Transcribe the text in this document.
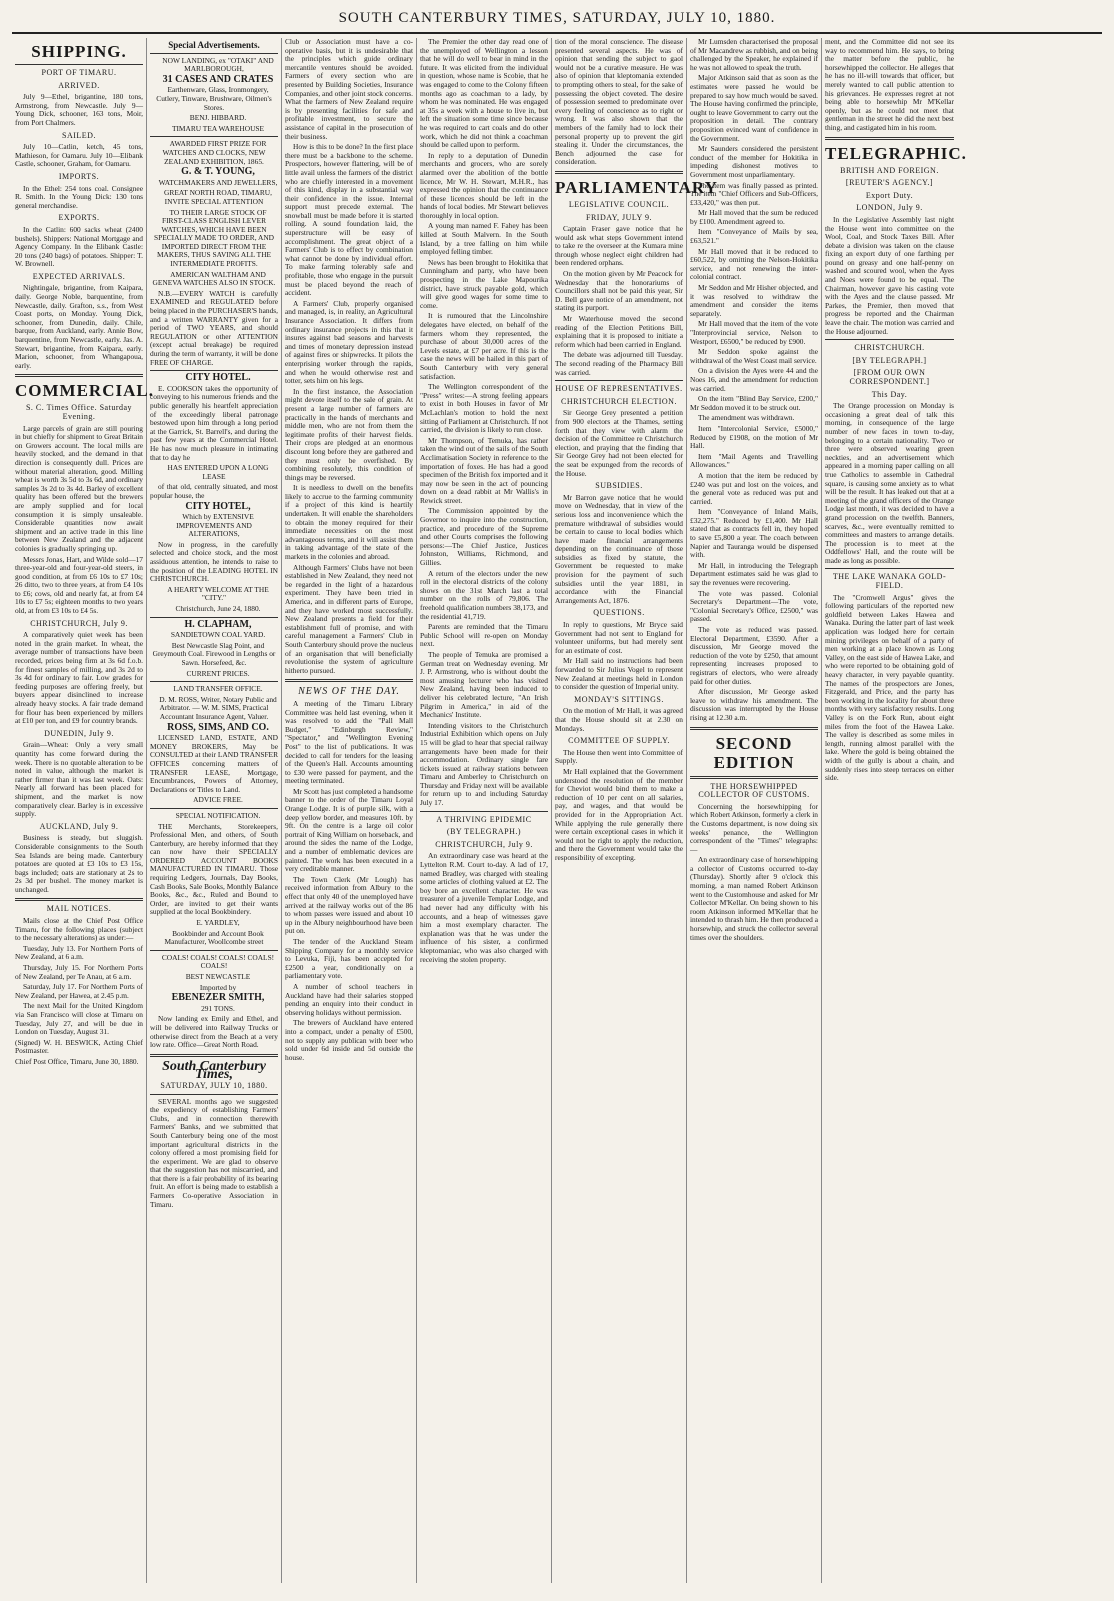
SOUTH CANTERBURY TIMES, SATURDAY, JULY 10, 1880.
SHIPPING.
PORT OF TIMARU.
ARRIVED.

July 9—Ethel, brigantine, 180 tons, Armstrong, from Newcastle. July 9—Young Dick, schooner, 163 tons, Moir, from Port Chalmers.

SAILED.

July 10—Catlin, ketch, 45 tons, Mathieson, for Oamaru. July 10—Elibank Castle, schooner, Graham, for Oamaru.

IMPORTS.

In the Ethel: 254 tons coal. Consignee R. Smith. In the Young Dick: 130 tons general merchandise.

EXPORTS.

In the Catlin: 600 sacks wheat (2400 bushels). Shippers: National Mortgage and Agency Company. In the Elibank Castle: 20 tons (240 bags) of potatoes. Shipper: T. W. Brownell.

EXPECTED ARRIVALS.

Nightingale, brigantine, from Kaipara, daily. George Noble, barquentine, from Newcastle, daily. Grafton, s.s., from West Coast ports, on Monday. Young Dick, schooner, from Dunedin, daily. Chile, barque, from Auckland, early. Annie Bow, barquentine, from Newcastle, early. Jas. A. Stewart, brigantine, from Kaipara, early. Marion, schooner, from Whangapoua, early.

COMMERCIAL.
S. C. Times Office. Saturday Evening.

Large parcels of grain are still pouring in but chiefly for shipment to Great Britain on Growers account. The local mills are heavily stocked, and the demand in that direction is consequently dull. Prices are without material alteration, good. Milling wheat is worth 3s 5d to 3s 6d, and ordinary samples 3s 2d to 3s 4d. Barley of excellent quality has been offered but the brewers are amply supplied and for local consumption it is simply unsaleable. Considerable quantities now await shipment and an active trade in this line between New Zealand and the adjacent colonies is gradually springing up.

Messrs Jonas, Hart, and Wilde sold—17 three-year-old and four-year-old steers, in good condition, at from £6 10s to £7 10s; 26 ditto, two to three years, at from £4 10s to £6; cows, old and nearly fat, at from £4 10s to £7 5s; eighteen months to two years old, at from £3 10s to £4 5s.

CHRISTCHURCH, July 9.

A comparatively quiet week has been noted in the grain market. In wheat, the average number of transactions have been recorded, prices being firm at 3s 6d f.o.b. for finest samples of milling, and 3s 2d to 3s 4d for ordinary to fair. Low grades for feeding purposes are offering freely, but buyers appear disinclined to increase already heavy stocks. A fair trade demand for flour has been experienced by millers at £10 per ton, and £9 for country brands.

DUNEDIN, July 9.

Grain—Wheat: Only a very small quantity has come forward during the week. There is no quotable alteration to be noted in value, although the market is rather firmer than it was last week. Oats: Nearly all forward has been placed for shipment, and the market is now comparatively clear. Barley is in excessive supply.

AUCKLAND, July 9.

Business is steady, but sluggish. Considerable consignments to the South Sea Islands are being made. Canterbury potatoes are quoted at £3 10s to £3 15s, bags included; oats are stationary at 2s to 2s 3d per bushel. The money market is unchanged.

MAIL NOTICES.

Mails close at the Chief Post Office Timaru, for the following places (subject to the necessary alterations) as under:—

Tuesday, July 13. For Northern Ports of New Zealand, at 6 a.m.

Thursday, July 15. For Northern Ports of New Zealand, per Te Anau, at 6 a.m.

Saturday, July 17. For Northern Ports of New Zealand, per Hawea, at 2.45 p.m.

The next Mail for the United Kingdom via San Francisco will close at Timaru on Tuesday, July 27, and will be due in London on Tuesday, August 31.

(Signed) W. H. BESWICK, Acting Chief Postmaster.

Chief Post Office, Timaru, June 30, 1880.

Special Advertisements.

NOW LANDING, ex "OTAKI" AND MARLBOROUGH,

31 CASES AND CRATES

Earthenware, Glass, Ironmongery, Cutlery, Tinware, Brushware, Oilmen's Stores.

BENJ. HIBBARD.

TIMARU TEA WAREHOUSE

AWARDED FIRST PRIZE FOR WATCHES AND CLOCKS, NEW ZEALAND EXHIBITION, 1865.

G. & T. YOUNG,

WATCHMAKERS AND JEWELLERS,

GREAT NORTH ROAD, TIMARU, INVITE SPECIAL ATTENTION

TO THEIR LARGE STOCK OF FIRST-CLASS ENGLISH LEVER WATCHES, WHICH HAVE BEEN SPECIALLY MADE TO ORDER, AND IMPORTED DIRECT FROM THE MAKERS, THUS SAVING ALL THE INTERMEDIATE PROFITS.

AMERICAN WALTHAM AND GENEVA WATCHES ALSO IN STOCK.

N.B.—EVERY WATCH is carefully EXAMINED and REGULATED before being placed in the PURCHASER'S hands, and a written WARRANTY given for a period of TWO YEARS, and should REGULATION or other ATTENTION (except actual breakage) be required during the term of warranty, it will be done FREE OF CHARGE.

CITY HOTEL.

E. COOKSON takes the opportunity of conveying to his numerous friends and the public generally his heartfelt appreciation of the exceedingly liberal patronage bestowed upon him through a long period at the Garrick, St. Barrell's, and during the past few years at the Commercial Hotel. He has now much pleasure in intimating that to day he

HAS ENTERED UPON A LONG LEASE

of that old, centrally situated, and most popular house, the

CITY HOTEL,

Which by EXTENSIVE IMPROVEMENTS AND ALTERATIONS,

Now in progress, in the carefully selected and choice stock, and the most assiduous attention, he intends to raise to the position of the LEADING HOTEL IN CHRISTCHURCH.

A HEARTY WELCOME AT THE "CITY."

Christchurch, June 24, 1880.

H. CLAPHAM,

SANDIETOWN COAL YARD.

Best Newcastle Slag Point, and Greymouth Coal. Firewood in Lengths or Sawn. Horsefeed, &c.

CURRENT PRICES.

LAND TRANSFER OFFICE.

D. M. ROSS, Writer, Notary Public and Arbitrator. — W. M. SIMS, Practical Accountant Insurance Agent, Valuer.

ROSS, SIMS, AND CO.

LICENSED LAND, ESTATE, AND MONEY BROKERS, May be CONSULTED at their LAND TRANSFER OFFICES concerning matters of TRANSFER LEASE, Mortgage, Encumbrances, Powers of Attorney, Declarations or Titles to Land.

ADVICE FREE.

SPECIAL NOTIFICATION.

THE Merchants, Storekeepers, Professional Men, and others, of South Canterbury, are hereby informed that they can now have their SPECIALLY ORDERED ACCOUNT BOOKS MANUFACTURED IN TIMARU. Those requiring Ledgers, Journals, Day Books, Cash Books, Sale Books, Monthly Balance Books, &c., &c., Ruled and Bound to Order, are invited to get their wants supplied at the local Bookbindery.

E. YARDLEY,

Bookbinder and Account Book Manufacturer, Woollcombe street

COALS! COALS! COALS! COALS! COALS!

BEST NEWCASTLE

Imported by

EBENEZER SMITH,

291 TONS.

Now landing ex Emily and Ethel, and will be delivered into Railway Trucks or otherwise direct from the Beach at a very low rate. Office—Great North Road.

South Canterbury Times,
SATURDAY, JULY 10, 1880.

SEVERAL months ago we suggested the expediency of establishing Farmers' Clubs, and in connection therewith Farmers' Banks, and we submitted that South Canterbury being one of the most important agricultural districts in the colony offered a most promising field for the experiment. We are glad to observe that the suggestion has not miscarried, and that there is a fair probability of its bearing fruit. An effort is being made to establish a Farmers Co-operative Association in Timaru.

Club or Association must have a co-operative basis, but it is undesirable that the principles which guide ordinary mercantile ventures should be avoided. Farmers of every section who are presented by Building Societies, Insurance Companies, and other joint stock concerns. What the farmers of New Zealand require is by presenting facilities for safe and profitable investment, to secure the assistance of capital in the prosecution of their business.

How is this to be done? In the first place there must be a backbone to the scheme. Prospectors, however flattering, will be of little avail unless the farmers of the district who are chiefly interested in a movement of this kind, display in a substantial way their confidence in the issue. Internal support must precede external. The snowball must be made before it is started rolling. A sound foundation laid, the superstructure will be easy of accomplishment. The great object of a Farmers' Club is to effect by combination what cannot be done by individual effort. To make farming tolerably safe and profitable, those who engage in the pursuit must be placed beyond the reach of accident.

A Farmers' Club, properly organised and managed, is, in reality, an Agricultural Insurance Association. It differs from ordinary insurance projects in this that it insures against bad seasons and harvests and times of monetary depression instead of against fires or shipwrecks. It pilots the enterprising worker through the rapids, and when he would otherwise rest and totter, sets him on his legs.

In the first instance, the Association might devote itself to the sale of grain. At present a large number of farmers are practically in the hands of merchants and middle men, who are not from them the legitimate profits of their harvest fields. Their crops are pledged at an enormous discount long before they are gathered and they must only be overfished. By combining resolutely, this condition of things may be reversed.

It is needless to dwell on the benefits likely to accrue to the farming community if a project of this kind is heartily undertaken. It will enable the shareholders to obtain the money required for their immediate necessities on the most advantageous terms, and it will assist them in taking advantage of the state of the markets in the colonies and abroad.

Although Farmers' Clubs have not been established in New Zealand, they need not be regarded in the light of a hazardous experiment. They have been tried in America, and in different parts of Europe, and they have worked most successfully. New Zealand presents a field for their establishment full of promise, and with careful management a Farmers' Club in South Canterbury should prove the nucleus of an organisation that will beneficially revolutionise the system of agriculture hitherto pursued.

NEWS OF THE DAY.

A meeting of the Timaru Library Committee was held last evening, when it was resolved to add the "Pall Mall Budget," "Edinburgh Review," "Spectator," and "Wellington Evening Post" to the list of publications. It was decided to call for tenders for the leasing of the Queen's Hall. Accounts amounting to £30 were passed for payment, and the meeting terminated.

Mr Scott has just completed a handsome banner to the order of the Timaru Loyal Orange Lodge. It is of purple silk, with a deep yellow border, and measures 10ft. by 9ft. On the centre is a large oil color portrait of King William on horseback, and around the sides the name of the Lodge, and a number of emblematic devices are painted. The work has been executed in a very creditable manner.

The Town Clerk (Mr Lough) has received information from Albury to the effect that only 40 of the unemployed have arrived at the railway works out of the 86 to whom passes were issued and about 10 up in the Albury neighbourhood have been put on.

The tender of the Auckland Steam Shipping Company for a monthly service to Levuka, Fiji, has been accepted for £2500 a year, conditionally on a parliamentary vote.

A number of school teachers in Auckland have had their salaries stopped pending an enquiry into their conduct in observing holidays without permission.

The brewers of Auckland have entered into a compact, under a penalty of £500, not to supply any publican with beer who sold under 6d inside and 5d outside the house.

The Premier the other day read one of the unemployed of Wellington a lesson that he will do well to bear in mind in the future. It was elicited from the individual in question, whose name is Scobie, that he was engaged to come to the Colony fifteen months ago as coachman to a lady, by whom he was nominated. He was engaged at 35s a week with a house to live in, but left the situation some time since because he was required to cart coals and do other work, which he did not think a coachman should be called upon to perform.

In reply to a deputation of Dunedin merchants and grocers, who are sorely alarmed over the abolition of the bottle licence, Mr W. H. Stewart, M.H.R., has expressed the opinion that the continuance of these licences should be left in the hands of local bodies. Mr Stewart believes thoroughly in local option.

A young man named F. Fahey has been killed at South Malvern. In the South Island, by a tree falling on him while employed felling timber.

News has been brought to Hokitika that Cunningham and party, who have been prospecting in the Lake Mapourika district, have struck payable gold, which will give good wages for some time to come.

It is rumoured that the Lincolnshire delegates have elected, on behalf of the farmers whom they represented, the purchase of about 30,000 acres of the Levels estate, at £7 per acre. If this is the case the news will be hailed in this part of South Canterbury with very general satisfaction.

The Wellington correspondent of the "Press" writes:—A strong feeling appears to exist in both Houses in favor of Mr McLachlan's motion to hold the next sitting of Parliament at Christchurch. If not carried, the division is likely to run close.

Mr Thompson, of Temuka, has rather taken the wind out of the sails of the South Acclimatisation Society in reference to the importation of foxes. He has had a good specimen of the British fox imported and it may now be seen in the act of pouncing down on a dead rabbit at Mr Wallis's in Rewick street.

The Commission appointed by the Governor to inquire into the construction, practice, and procedure of the Supreme and other Courts comprises the following persons:—The Chief Justice, Justices Johnston, Williams, Richmond, and Gillies.

A return of the electors under the new roll in the electoral districts of the colony shows on the 31st March last a total number on the rolls of 79,806. The freehold qualification numbers 38,173, and the residential 41,719.

Parents are reminded that the Timaru Public School will re-open on Monday next.

The people of Temuka are promised a German treat on Wednesday evening. Mr J. P. Armstrong, who is without doubt the most amusing lecturer who has visited New Zealand, having been induced to deliver his celebrated lecture, "An Irish Pilgrim in America," in aid of the Mechanics' Institute.

Intending visitors to the Christchurch Industrial Exhibition which opens on July 15 will be glad to hear that special railway arrangements have been made for their accommodation. Ordinary single fare tickets issued at railway stations between Timaru and Amberley to Christchurch on Thursday and Friday next will be available for return up to and including Saturday July 17.

A THRIVING EPIDEMIC
(BY TELEGRAPH.)
CHRISTCHURCH, July 9.

An extraordinary case was heard at the Lyttelton R.M. Court to-day. A lad of 17, named Bradley, was charged with stealing some articles of clothing valued at £2. The boy bore an excellent character. He was treasurer of a juvenile Templar Lodge, and had never had any difficulty with his accounts, and a heap of witnesses gave him a most exemplary character. The explanation was that he was under the influence of his sister, a confirmed kleptomaniac, who was also charged with receiving the stolen property.

tion of the moral conscience. The disease presented several aspects. He was of opinion that sending the subject to gaol would not be a curative measure. He was also of opinion that kleptomania extended to prompting others to steal, for the sake of possessing the object coveted. The desire of possession seemed to predominate over every feeling of conscience as to right or wrong. It was also shown that the members of the family had to lock their personal property up to prevent the girl stealing it. Under the circumstances, the Bench adjourned the case for consideration.

PARLIAMENTARY
LEGISLATIVE COUNCIL.
FRIDAY, JULY 9.

Captain Fraser gave notice that he would ask what steps Government intend to take re the overseer at the Kumara mine through whose neglect eight children had been rendered orphans.

On the motion given by Mr Peacock for Wednesday that the honorariums of Councillors shall not be paid this year, Sir D. Bell gave notice of an amendment, not stating its purport.

Mr Waterhouse moved the second reading of the Election Petitions Bill, explaining that it is proposed to initiate a reform which had been carried in England.

The debate was adjourned till Tuesday. The second reading of the Pharmacy Bill was carried.

HOUSE OF REPRESENTATIVES.
CHRISTCHURCH ELECTION.

Sir George Grey presented a petition from 900 electors at the Thames, setting forth that they view with alarm the decision of the Committee re Christchurch election, and praying that the finding that Sir George Grey had not been elected for the seat be expunged from the records of the House.

SUBSIDIES.

Mr Barron gave notice that he would move on Wednesday, that in view of the serious loss and inconvenience which the premature withdrawal of subsidies would be certain to cause to local bodies which have made financial arrangements depending on the continuance of those subsidies as fixed by statute, the Government be requested to make provision for the payment of such subsidies until the year 1881, in accordance with the Financial Arrangements Act, 1876.

QUESTIONS.

In reply to questions, Mr Bryce said Government had not sent to England for volunteer uniforms, but had merely sent for an estimate of cost.

Mr Hall said no instructions had been forwarded to Sir Julius Vogel to represent New Zealand at meetings held in London to consider the question of Imperial unity.

MONDAY'S SITTINGS.

On the motion of Mr Hall, it was agreed that the House should sit at 2.30 on Mondays.

COMMITTEE OF SUPPLY.

The House then went into Committee of Supply.

Mr Hall explained that the Government understood the resolution of the member for Cheviot would bind them to make a reduction of 10 per cent on all salaries, pay, and wages, and that would be provided for in the Appropriation Act. While applying the rule generally there were certain exceptional cases in which it would not be right to apply the reduction, and there the Government would take the responsibility of excepting.

Mr Lumsden characterised the proposal of Mr Macandrew as rubbish, and on being challenged by the Speaker, he explained if he was not allowed to speak the truth.

Major Atkinson said that as soon as the estimates were passed he would be prepared to say how much would be saved. The House having confirmed the principle, ought to leave Government to carry out the proposition in detail. The contrary proposition evinced want of confidence in the Government.

Mr Saunders considered the persistent conduct of the member for Hokitika in impeding dishonest motives to Government most unparliamentary.

The item was finally passed as printed. The item "Chief Officers and Sub-Officers, £33,420," was then put.

Mr Hall moved that the sum be reduced by £100. Amendment agreed to.

Item "Conveyance of Mails by sea, £63,521."

Mr Hall moved that it be reduced to £60,522, by omitting the Nelson-Hokitika service, and not renewing the inter-colonial contract.

Mr Seddon and Mr Hisher objected, and it was resolved to withdraw the amendment and consider the items separately.

Mr Hall moved that the item of the vote "Interprovincial service, Nelson to Westport, £6500," be reduced by £900.

Mr Seddon spoke against the withdrawal of the West Coast mail service.

On a division the Ayes were 44 and the Noes 16, and the amendment for reduction was carried.

On the item "Blind Bay Service, £200," Mr Seddon moved it to be struck out.

The amendment was withdrawn.

Item "Intercolonial Service, £5000," Reduced by £1908, on the motion of Mr Hall.

Item "Mail Agents and Travelling Allowances."

A motion that the item be reduced by £240 was put and lost on the voices, and the general vote as reduced was put and carried.

Item "Conveyance of Inland Mails, £32,275." Reduced by £1,400. Mr Hall stated that as contracts fell in, they hoped to save £5,800 a year. The coach between Napier and Tauranga would be dispensed with.

Mr Hall, in introducing the Telegraph Department estimates said he was glad to say the revenues were recovering.

The vote was passed. Colonial Secretary's Department—The vote, "Colonial Secretary's Office, £2500," was passed.

The vote as reduced was passed. Electoral Department, £3590. After a discussion, Mr George moved the reduction of the vote by £250, that amount representing increases proposed to registrars of electors, who were already paid for other duties.

After discussion, Mr George asked leave to withdraw his amendment. The discussion was interrupted by the House rising at 12.30 a.m.

SECOND EDITION
THE HORSEWHIPPED COLLECTOR OF CUSTOMS.

Concerning the horsewhipping for which Robert Atkinson, formerly a clerk in the Customs department, is now doing six weeks' penance, the Wellington correspondent of the "Times" telegraphs:—

An extraordinary case of horsewhipping a collector of Customs occurred to-day (Thursday). Shortly after 9 o'clock this morning, a man named Robert Atkinson went to the Customhouse and asked for Mr Collector M'Kellar. On being shown to his room Atkinson informed M'Kellar that he intended to thrash him. He then produced a horsewhip, and struck the collector several times over the shoulders.

ment, and the Committee did not see its way to recommend him. He says, to bring the matter before the public, he horsewhipped the collector. He alleges that he has no ill-will towards that officer, but merely wanted to call public attention to his grievances. He expresses regret at not being able to horsewhip Mr M'Kellar openly, but as he could not meet that gentleman in the street he did the next best thing, and castigated him in his room.

TELEGRAPHIC.
BRITISH AND FOREIGN.
[REUTER'S AGENCY.]
Export Duty.
LONDON, July 9.

In the Legislative Assembly last night the House went into committee on the Wool, Coal, and Stock Taxes Bill. After debate a division was taken on the clause fixing an export duty of one farthing per pound on greasy and one half-penny on washed and scoured wool, when the Ayes and Noes were found to be equal. The Chairman, however gave his casting vote with the Ayes and the clause passed. Mr Parkes, the Premier, then moved that progress be reported and the Chairman leave the chair. The motion was carried and the House adjourned.

CHRISTCHURCH.
[BY TELEGRAPH.]
[FROM OUR OWN CORRESPONDENT.]
This Day.

The Orange procession on Monday is occasioning a great deal of talk this morning, in consequence of the large number of new faces in town to-day, belonging to a certain nationality. Two or three were observed wearing green neckties, and an advertisement which appeared in a morning paper calling on all true Catholics to assemble in Cathedral square, is causing some anxiety as to what will be the result. It has leaked out that at a meeting of the grand officers of the Orange Lodge last month, it was decided to have a grand procession on the twelfth. Banners, scarves, &c., were eventually remitted to committees and masters to arrange details. The procession is to meet at the Oddfellows' Hall, and the route will be made as long as possible.

THE LAKE WANAKA GOLD-FIELD.

The "Cromwell Argus" gives the following particulars of the reported new goldfield between Lakes Hawea and Wanaka. During the latter part of last week application was lodged here for certain mining privileges on behalf of a party of men working at a place known as Long Valley, on the east side of Hawea Lake, and who were reported to be obtaining gold of heavy character, in very payable quantity. The names of the prospectors are Jones, Fitzgerald, and Price, and the party has been working in the locality for about three months with very satisfactory results. Long Valley is on the Fork Run, about eight miles from the foot of the Hawea Lake. The valley is described as some miles in length, running almost parallel with the lake. Where the gold is being obtained the width of the gully is about a chain, and suddenly rises into steep terraces on either side.
